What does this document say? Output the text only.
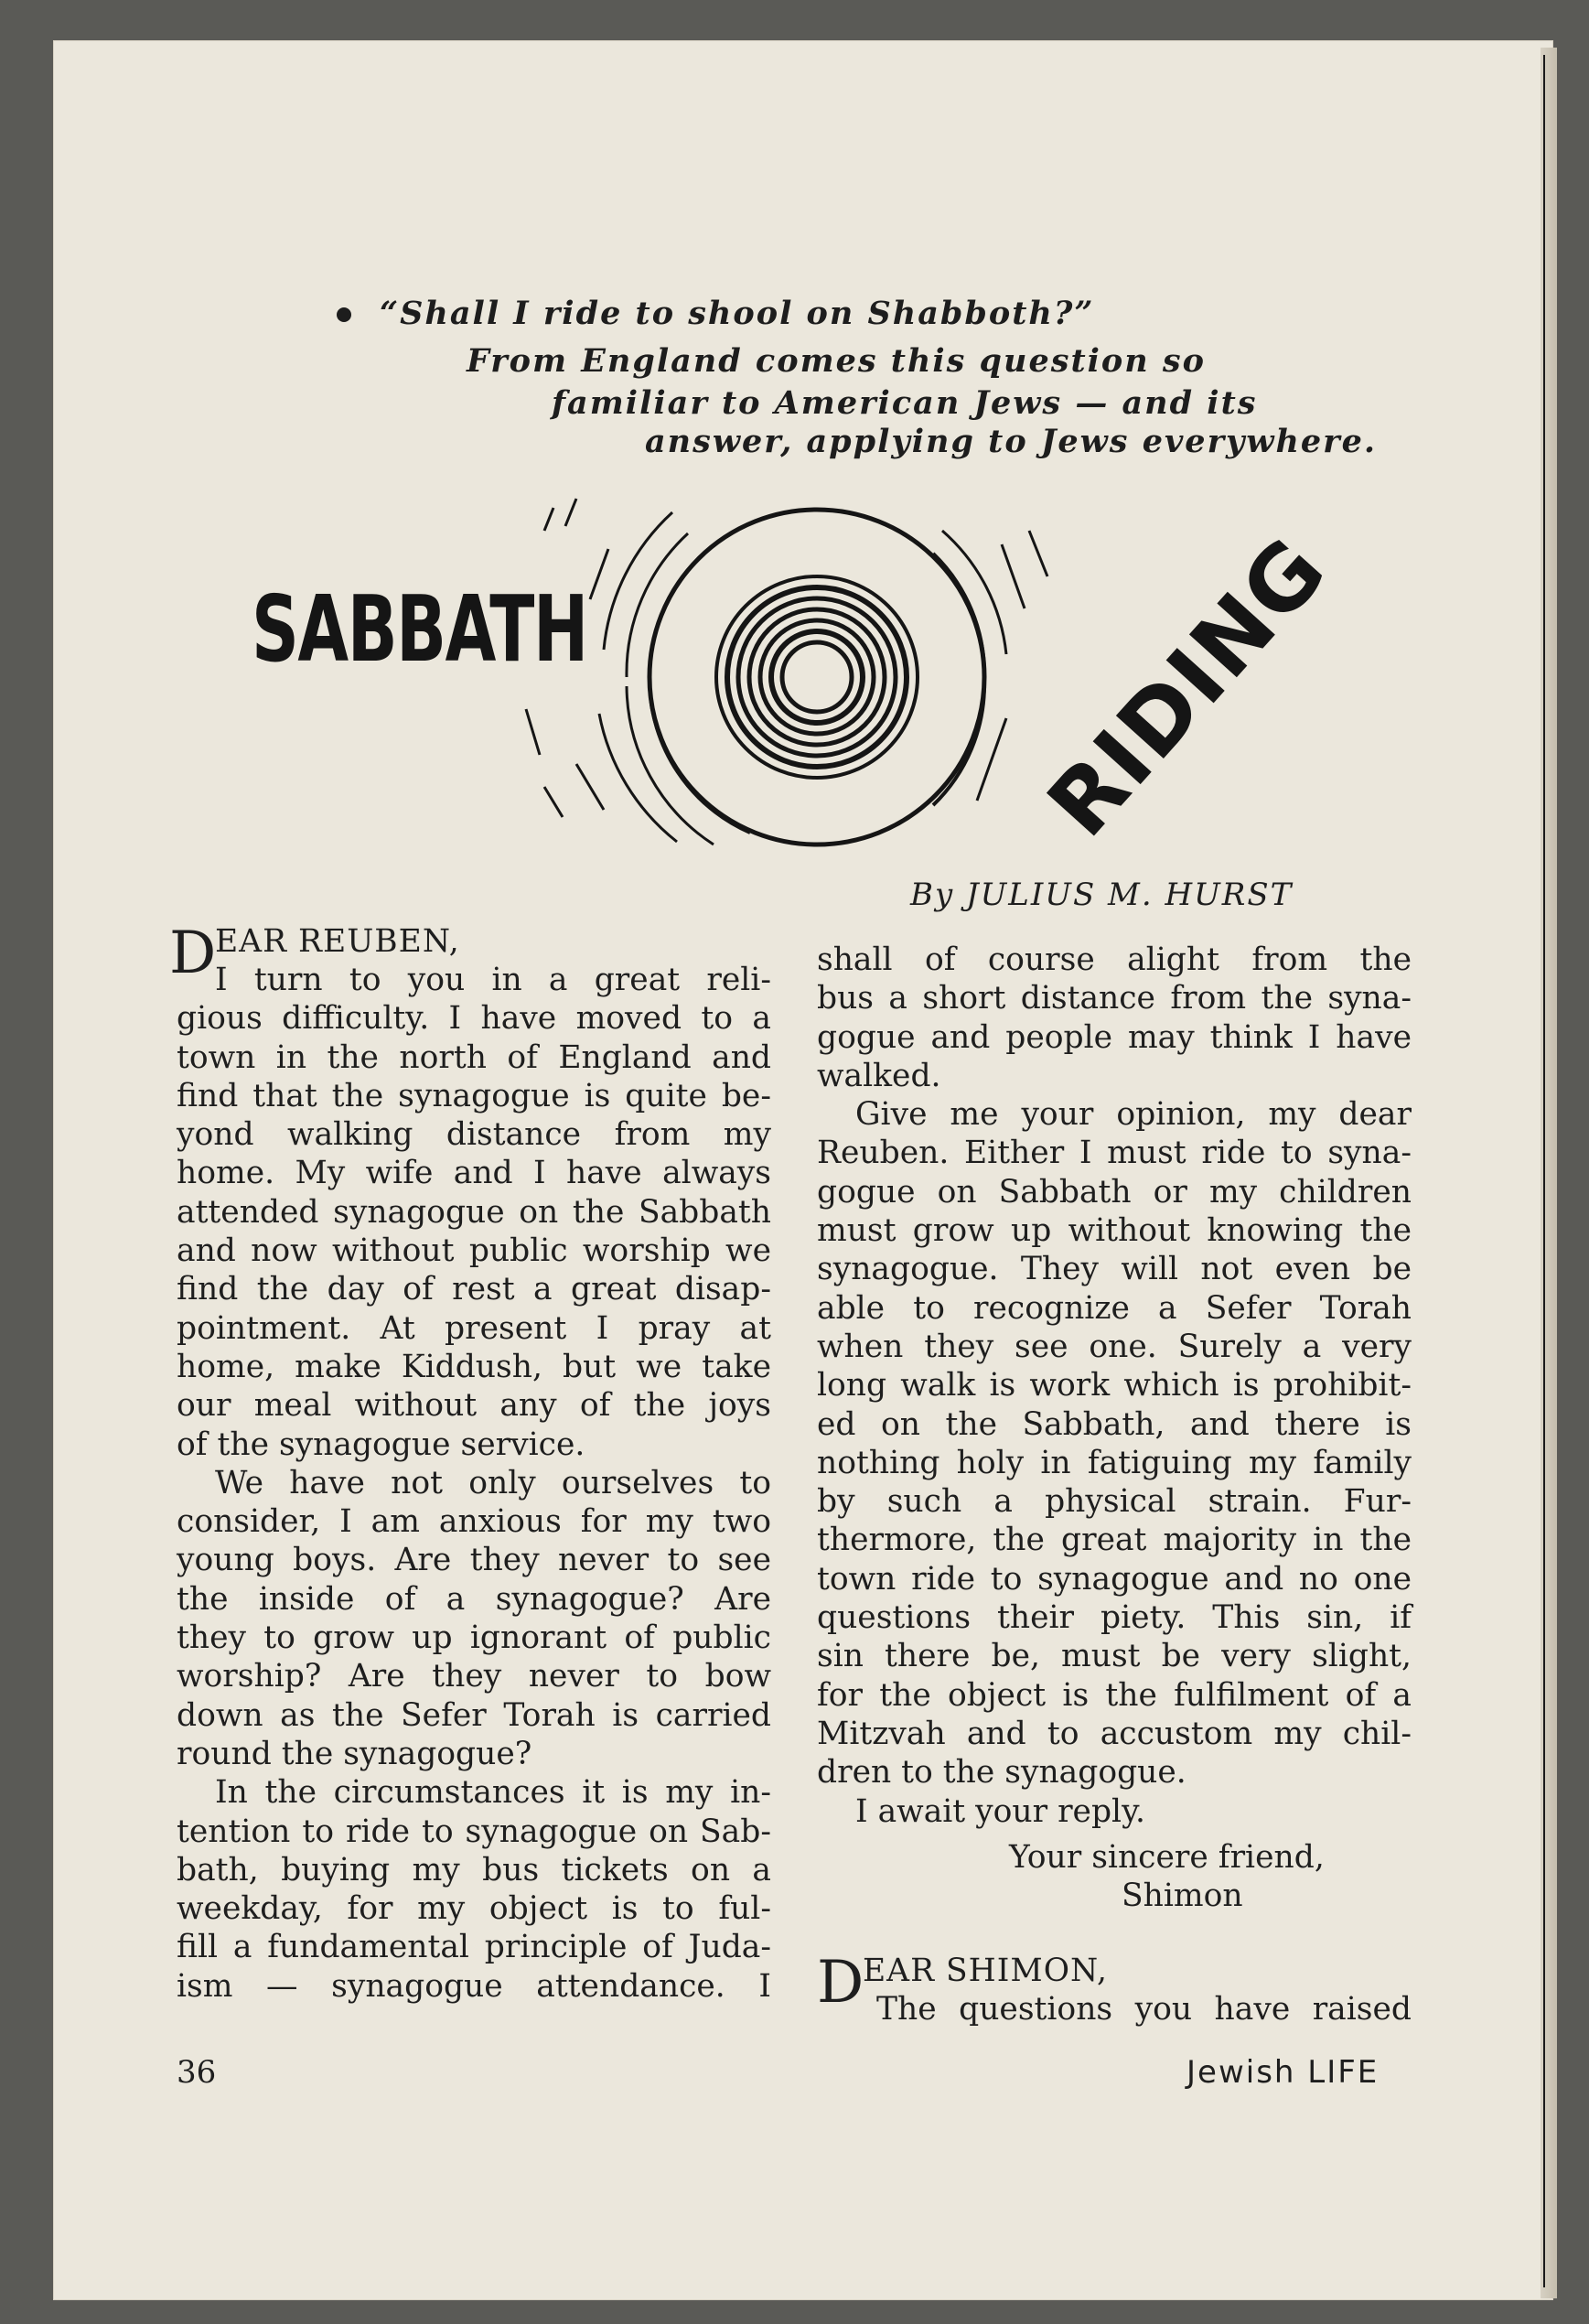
“Shall I ride to shool on Shabboth?”
From England comes this question so
familiar to American Jews — and its
answer, applying to Jews everywhere.
SABBATH	RIDING
By JULIUS M. HURST
D
EAR REUBEN,
I turn to you in a great reli-
gious difficulty. I have moved to a
town in the north of England and
find that the synagogue is quite be-
yond walking distance from my
home. My wife and I have always
attended synagogue on the Sabbath
and now without public worship we
find the day of rest a great disap-
pointment. At present I pray at
home, make Kiddush, but we take
our meal without any of the joys
of the synagogue service.
We have not only ourselves to
consider, I am anxious for my two
young boys. Are they never to see
the inside of a synagogue? Are
they to grow up ignorant of public
worship? Are they never to bow
down as the Sefer Torah is carried
round the synagogue?
In the circumstances it is my in-
tention to ride to synagogue on Sab-
bath, buying my bus tickets on a
weekday, for my object is to ful-
fill a fundamental principle of Juda-
ism — synagogue attendance. I
shall of course alight from the
bus a short distance from the syna-
gogue and people may think I have
walked.
Give me your opinion, my dear
Reuben. Either I must ride to syna-
gogue on Sabbath or my children
must grow up without knowing the
synagogue. They will not even be
able to recognize a Sefer Torah
when they see one. Surely a very
long walk is work which is prohibit-
ed on the Sabbath, and there is
nothing holy in fatiguing my family
by such a physical strain. Fur-
thermore, the great majority in the
town ride to synagogue and no one
questions their piety. This sin, if
sin there be, must be very slight,
for the object is the fulfilment of a
Mitzvah and to accustom my chil-
dren to the synagogue.
I await your reply.
Your sincere friend,
Shimon
D
EAR SHIMON,
The questions you have raised
36	Jewish LIFE
